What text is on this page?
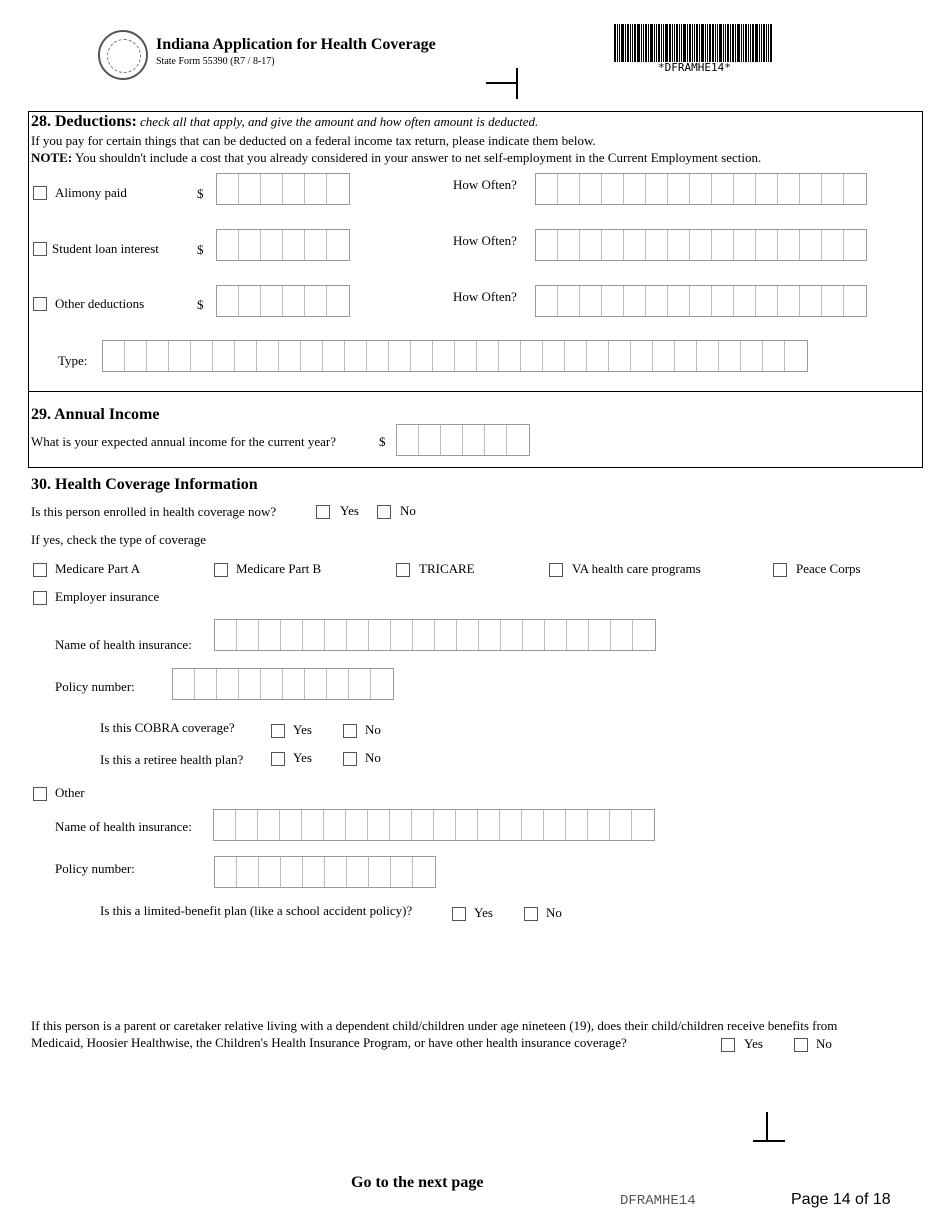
Indiana Application for Health Coverage
State Form 55390 (R7 / 8-17)	*DFRAMHE14*
28. Deductions: check all that apply, and give the amount and how often amount is deducted.
If you pay for certain things that can be deducted on a federal income tax return, please indicate them below.
NOTE: You shouldn't include a cost that you already considered in your answer to net self-employment in the Current Employment section.
Alimony paid	$
How Often?
Student loan interest	$
How Often?
Other deductions	$
How Often?
Type:
29. Annual Income
What is your expected annual income for the current year?	$
30. Health Coverage Information
Is this person enrolled in health coverage now?	Yes	No
If yes, check the type of coverage
Medicare Part A	Medicare Part B	TRICARE	VA health care programs	Peace Corps
Employer insurance
Name of health insurance:
Policy number:
Is this COBRA coverage?	Yes	No
Is this a retiree health plan?	Yes	No
Other
Name of health insurance:
Policy number:
Is this a limited-benefit plan (like a school accident policy)?	Yes	No
If this person is a parent or caretaker relative living with a dependent child/children under age nineteen (19), does their child/children receive benefits from
Medicaid, Hoosier Healthwise, the Children's Health Insurance Program, or have other health insurance coverage?	Yes	No
Go to the next page
DFRAMHE14	Page 14 of 18
